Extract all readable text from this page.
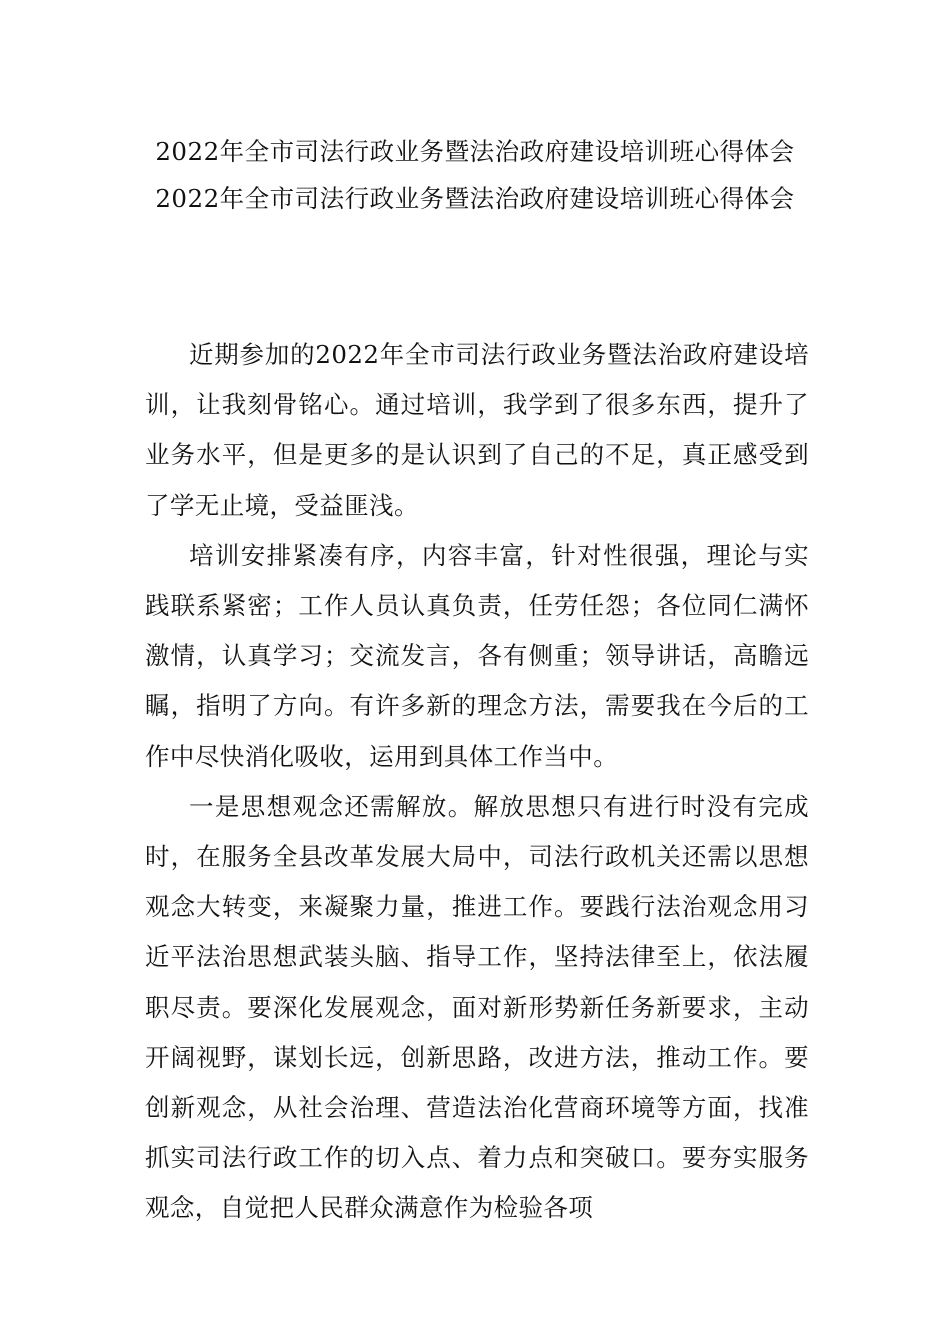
2022年全市司法行政业务暨法治政府建设培训班心得体会
2022年全市司法行政业务暨法治政府建设培训班心得体会

近期参加的2022年全市司法行政业务暨法治政府建设培训，让我刻骨铭心。通过培训，我学到了很多东西，提升了业务水平，但是更多的是认识到了自己的不足，真正感受到了学无止境，受益匪浅。

培训安排紧凑有序，内容丰富，针对性很强，理论与实践联系紧密；工作人员认真负责，任劳任怨；各位同仁满怀激情，认真学习；交流发言，各有侧重；领导讲话，高瞻远瞩，指明了方向。有许多新的理念方法，需要我在今后的工作中尽快消化吸收，运用到具体工作当中。

一是思想观念还需解放。解放思想只有进行时没有完成时，在服务全县改革发展大局中，司法行政机关还需以思想观念大转变，来凝聚力量，推进工作。要践行法治观念用习近平法治思想武装头脑、指导工作，坚持法律至上，依法履职尽责。要深化发展观念，面对新形势新任务新要求，主动开阔视野，谋划长远，创新思路，改进方法，推动工作。要创新观念，从社会治理、营造法治化营商环境等方面，找准抓实司法行政工作的切入点、着力点和突破口。要夯实服务观念，自觉把人民群众满意作为检验各项
